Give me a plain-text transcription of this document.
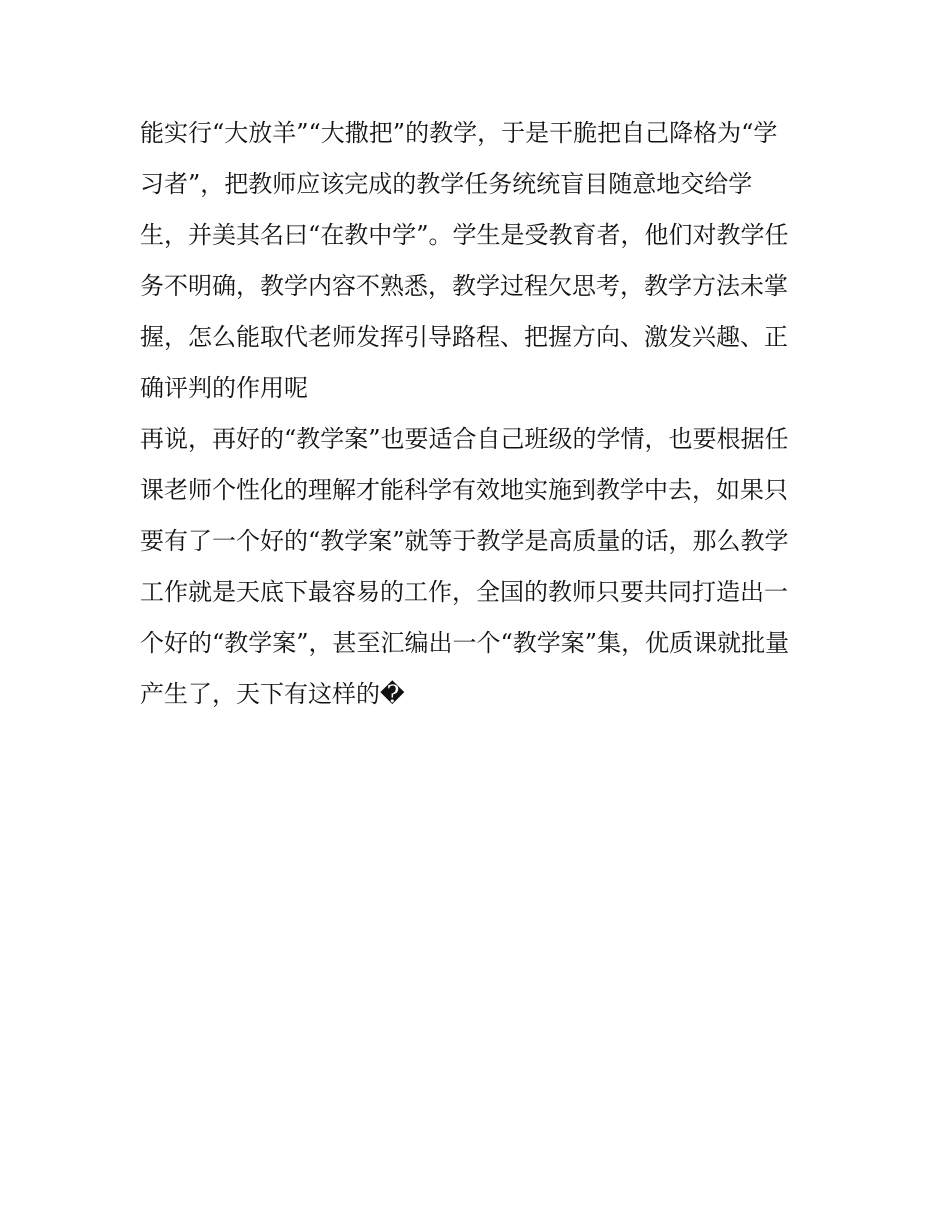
能实行“大放羊”“大撒把”的教学，于是干脆把自己降格为“学
习者”，把教师应该完成的教学任务统统盲目随意地交给学
生，并美其名曰“在教中学”。学生是受教育者，他们对教学任
务不明确，教学内容不熟悉，教学过程欠思考，教学方法未掌
握，怎么能取代老师发挥引导路程、把握方向、激发兴趣、正
确评判的作用呢
再说，再好的“教学案”也要适合自己班级的学情，也要根据任
课老师个性化的理解才能科学有效地实施到教学中去，如果只
要有了一个好的“教学案”就等于教学是高质量的话，那么教学
工作就是天底下最容易的工作，全国的教师只要共同打造出一
个好的“教学案”，甚至汇编出一个“教学案”集，优质课就批量
产生了，天下有这样的�
